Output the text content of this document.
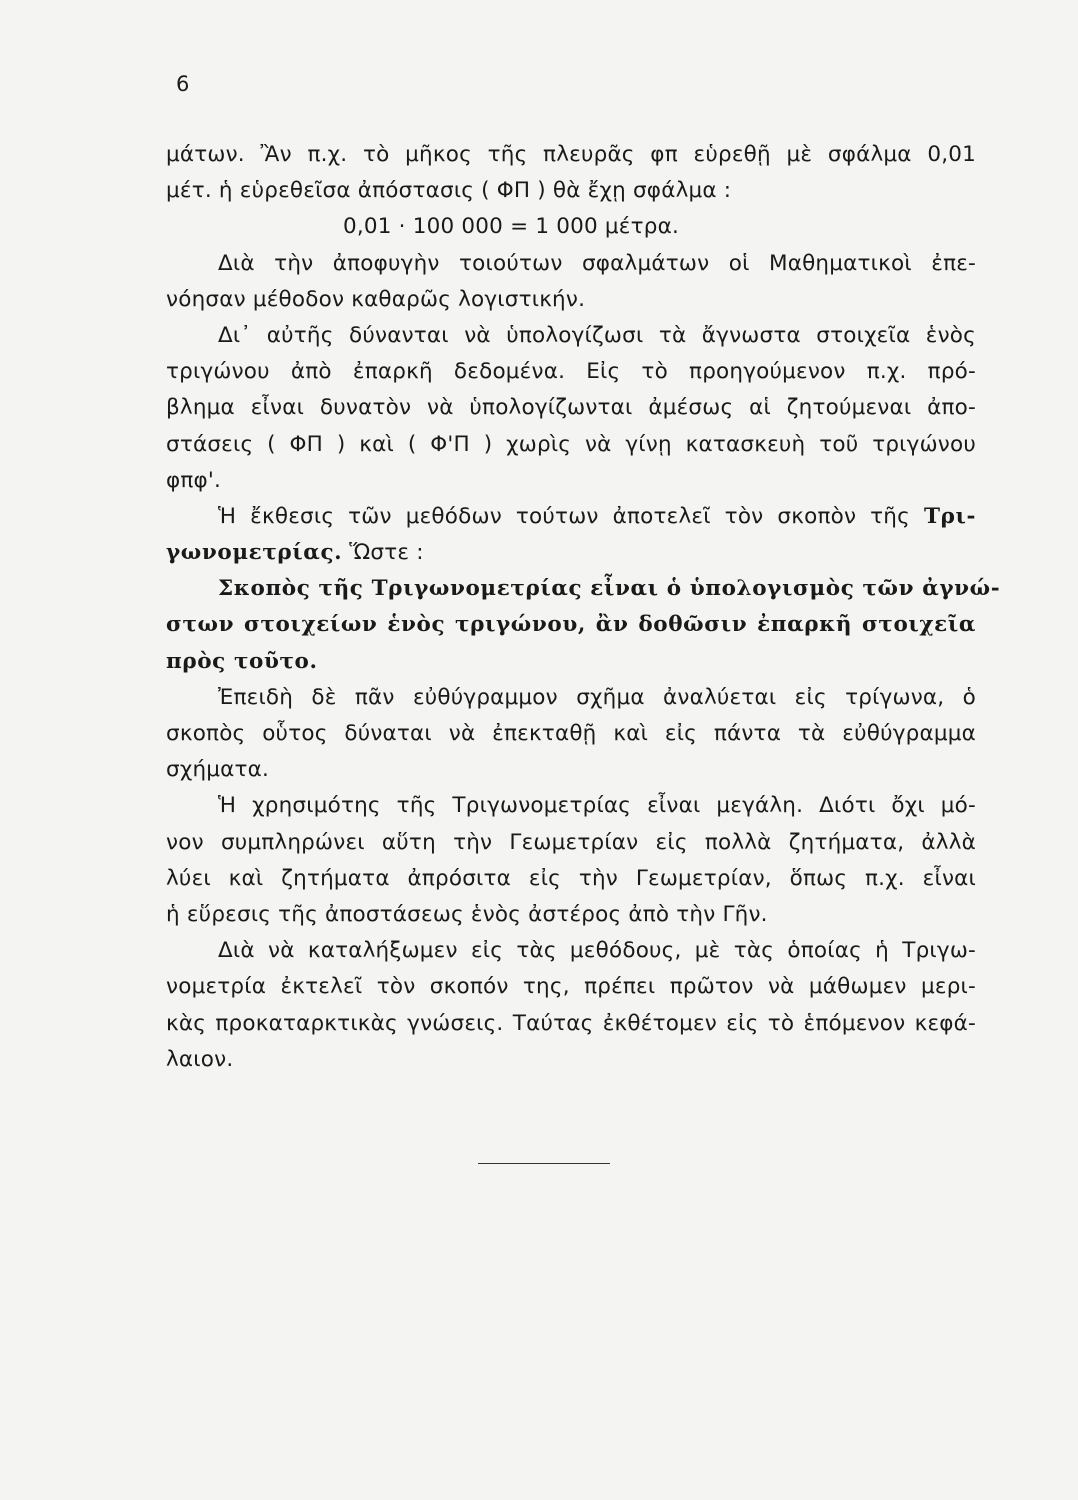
6
μάτων. Ἂν π.χ. τὸ μῆκος τῆς πλευρᾶς φπ εὑρεθῇ μὲ σφάλμα 0,01
μέτ. ἡ εὑρεθεῖσα ἀπόστασις ( ΦΠ ) θὰ ἔχῃ σφάλμα :
0,01 · 100 000 = 1 000 μέτρα.
Διὰ τὴν ἀποφυγὴν τοιούτων σφαλμάτων οἱ Μαθηματικοὶ ἐπε-
νόησαν μέθοδον καθαρῶς λογιστικήν.
Δι᾽ αὐτῆς δύνανται νὰ ὑπολογίζωσι τὰ ἄγνωστα στοιχεῖα ἑνὸς
τριγώνου ἀπὸ ἐπαρκῆ δεδομένα. Εἰς τὸ προηγούμενον π.χ. πρό-
βλημα εἶναι δυνατὸν νὰ ὑπολογίζωνται ἀμέσως αἱ ζητούμεναι ἀπο-
στάσεις ( ΦΠ ) καὶ ( Φ'Π ) χωρὶς νὰ γίνῃ κατασκευὴ τοῦ τριγώνου
φπφ'.
Ἡ ἔκθεσις τῶν μεθόδων τούτων ἀποτελεῖ τὸν σκοπὸν τῆς Τρι-
γωνομετρίας. Ὥστε :
Σκοπὸς τῆς Τριγωνομετρίας εἶναι ὁ ὑπολογισμὸς τῶν ἀγνώ-
στων στοιχείων ἑνὸς τριγώνου, ἂν δοθῶσιν ἐπαρκῆ στοιχεῖα
πρὸς τοῦτο.
Ἐπειδὴ δὲ πᾶν εὐθύγραμμον σχῆμα ἀναλύεται εἰς τρίγωνα, ὁ
σκοπὸς οὗτος δύναται νὰ ἐπεκταθῇ καὶ εἰς πάντα τὰ εὐθύγραμμα
σχήματα.
Ἡ χρησιμότης τῆς Τριγωνομετρίας εἶναι μεγάλη. Διότι ὄχι μό-
νον συμπληρώνει αὕτη τὴν Γεωμετρίαν εἰς πολλὰ ζητήματα, ἀλλὰ
λύει καὶ ζητήματα ἀπρόσιτα εἰς τὴν Γεωμετρίαν, ὅπως π.χ. εἶναι
ἡ εὕρεσις τῆς ἀποστάσεως ἑνὸς ἀστέρος ἀπὸ τὴν Γῆν.
Διὰ νὰ καταλήξωμεν εἰς τὰς μεθόδους, μὲ τὰς ὁποίας ἡ Τριγω-
νομετρία ἐκτελεῖ τὸν σκοπόν της, πρέπει πρῶτον νὰ μάθωμεν μερι-
κὰς προκαταρκτικὰς γνώσεις. Ταύτας ἐκθέτομεν εἰς τὸ ἑπόμενον κεφά-
λαιον.
